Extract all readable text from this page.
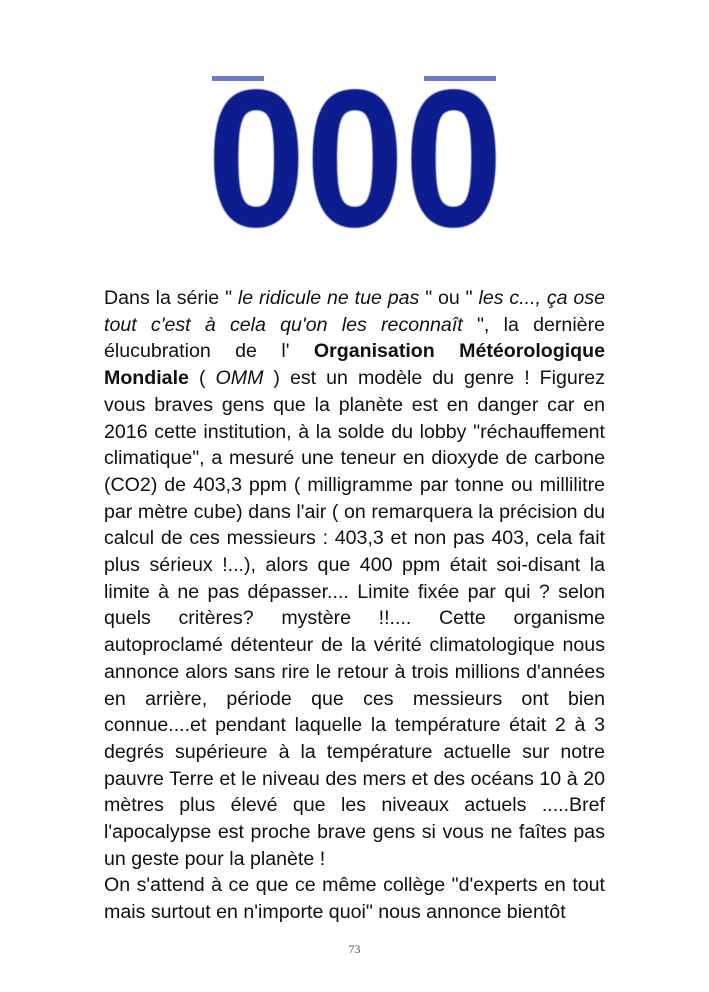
000

Dans la série " le ridicule ne tue pas " ou " les c..., ça ose tout c'est à cela qu'on les reconnaît ", la dernière élucubration de l' Organisation Météorologique Mondiale ( OMM ) est un modèle du genre ! Figurez vous braves gens que la planète est en danger car en 2016 cette institution, à la solde du lobby "réchauffement climatique", a mesuré une teneur en dioxyde de carbone (CO2) de 403,3 ppm ( milligramme par tonne ou millilitre par mètre cube) dans l'air ( on remarquera la précision du calcul de ces messieurs : 403,3 et non pas 403, cela fait plus sérieux !...), alors que 400 ppm était soi-disant la limite à ne pas dépasser.... Limite fixée par qui ? selon quels critères? mystère !!.... Cette organisme autoproclamé détenteur de la vérité climatologique nous annonce alors sans rire le retour à trois millions d'années en arrière, période que ces messieurs ont bien connue....et pendant laquelle la température était 2 à 3 degrés supérieure à la température actuelle sur notre pauvre Terre et le niveau des mers et des océans 10 à 20 mètres plus élevé que les niveaux actuels .....Bref l'apocalypse est proche brave gens si vous ne faîtes pas un geste pour la planète !

On s'attend à ce que ce même collège "d'experts en tout mais surtout en n'importe quoi" nous annonce bientôt

73
